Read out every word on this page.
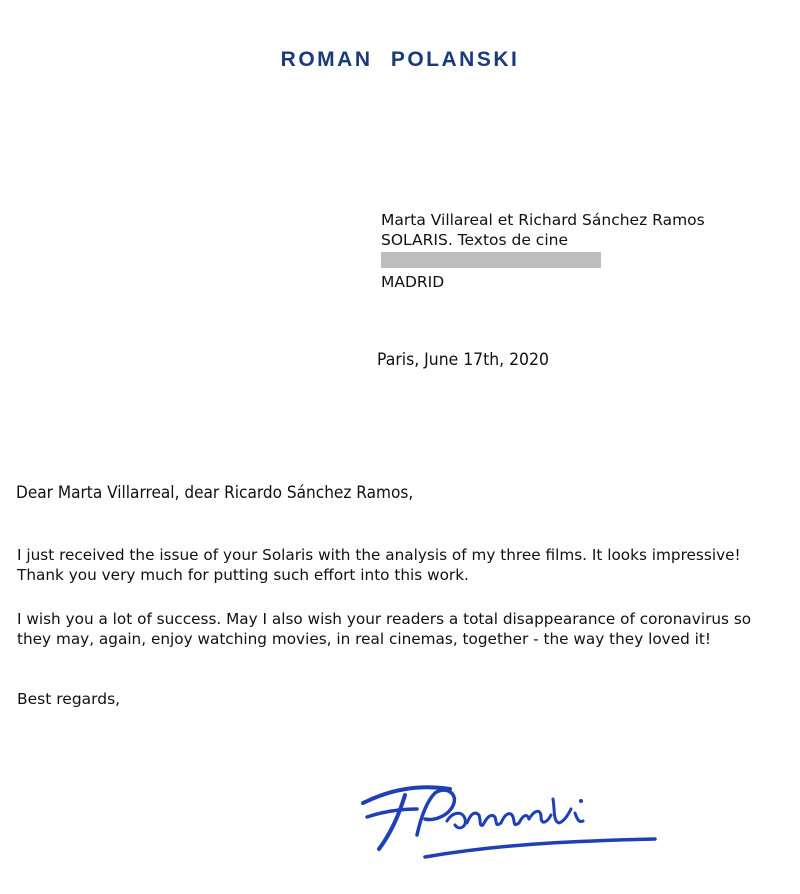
ROMAN POLANSKI
Marta Villareal et Richard Sánchez Ramos
SOLARIS. Textos de cine
MADRID
Paris, June 17th, 2020
Dear Marta Villarreal, dear Ricardo Sánchez Ramos,
I just received the issue of your Solaris with the analysis of my three films. It looks impressive! Thank you very much for putting such effort into this work.
I wish you a lot of success. May I also wish your readers a total disappearance of coronavirus so they may, again, enjoy watching movies, in real cinemas, together - the way they loved it!
Best regards,
